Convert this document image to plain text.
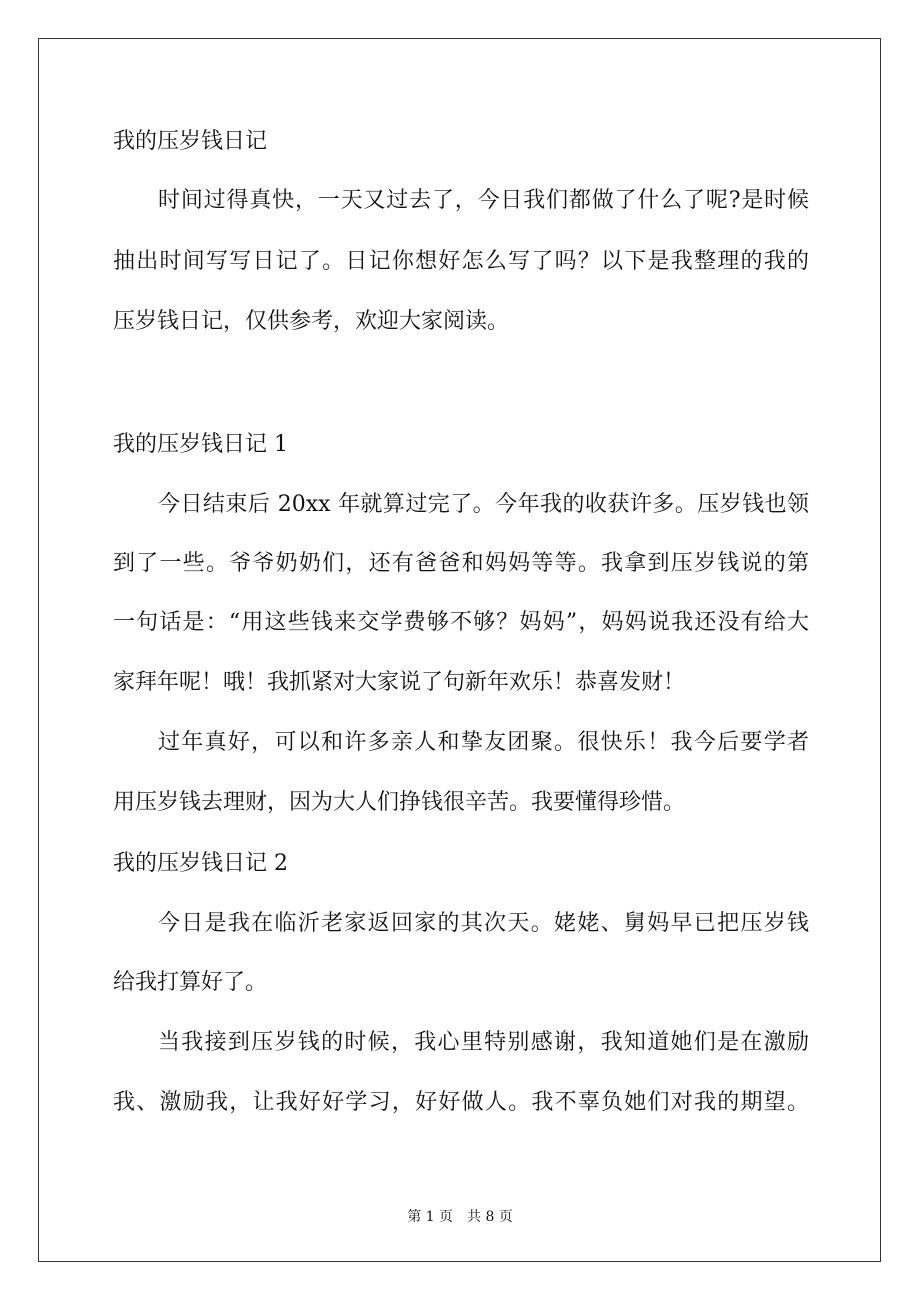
我的压岁钱日记
时间过得真快，一天又过去了，今日我们都做了什么了呢?是时候
抽出时间写写日记了。日记你想好怎么写了吗？以下是我整理的我的
压岁钱日记，仅供参考，欢迎大家阅读。
我的压岁钱日记 1
今日结束后 20xx 年就算过完了。今年我的收获许多。压岁钱也领
到了一些。爷爷奶奶们，还有爸爸和妈妈等等。我拿到压岁钱说的第
一句话是：“用这些钱来交学费够不够？妈妈”，妈妈说我还没有给大
家拜年呢！哦！我抓紧对大家说了句新年欢乐！恭喜发财！
过年真好，可以和许多亲人和挚友团聚。很快乐！我今后要学者
用压岁钱去理财，因为大人们挣钱很辛苦。我要懂得珍惜。
我的压岁钱日记 2
今日是我在临沂老家返回家的其次天。姥姥、舅妈早已把压岁钱
给我打算好了。
当我接到压岁钱的时候，我心里特别感谢，我知道她们是在激励
我、激励我，让我好好学习，好好做人。我不辜负她们对我的期望。
第 1 页　共 8 页
